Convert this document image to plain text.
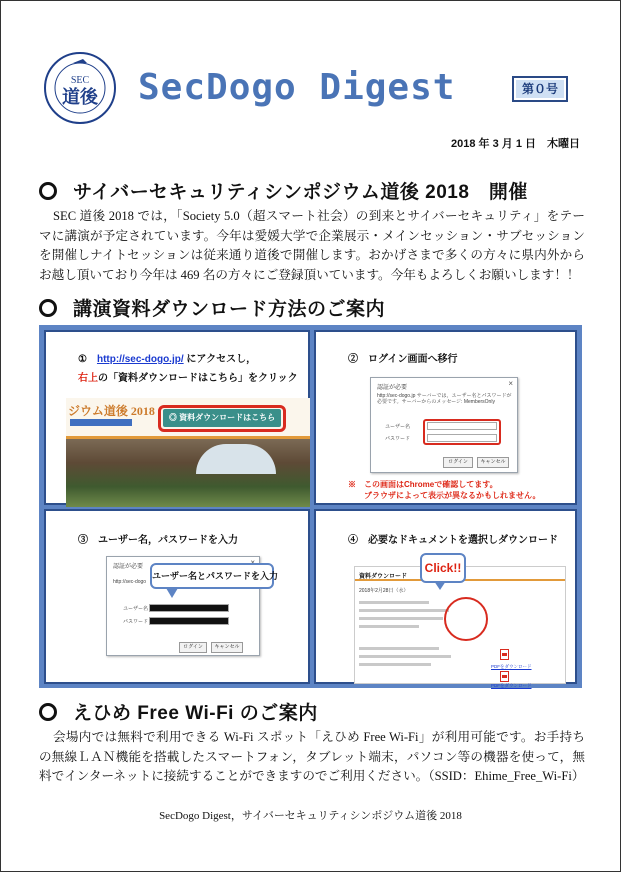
SEC
道後 SecDogo Digest	第０号
2018 年 3 月 1 日　木曜日
サイバーセキュリティシンポジウム道後 2018　開催
SEC 道後 2018 では，「Society 5.0（超スマート社会）の到来とサイバーセキュリティ」をテーマに講演が予定されています。今年は愛媛大学で企業展示・メインセッション・サブセッションを開催しナイトセッションは従来通り道後で開催します。おかげさまで多くの方々に県内外からお越し頂いており今年は 469 名の方々にご登録頂いています。今年もよろしくお願いします！！
講演資料ダウンロード方法のご案内
①　 http://sec-dogo.jp/ にアクセスし，
右上の「資料ダウンロードはこちら」をクリック
ジウム道後 2018	◎ 資料ダウンロードはこちら
②　 ログイン画面へ移行
認証が必要	×
http://sec-dogo.jp サーバーでは，ユーザー名とパスワードが必要です。サーバーからのメッセージ: MembersOnly
ユーザー名
パスワード
ログイン	キャンセル
※　この画面はChromeで確認してます。
ブラウザによって表示が異なるかもしれません。
③　 ユーザー名，パスワードを入力
認証が必要
http://sec-dogo
ユーザー名
パスワード
ログイン	キャンセル
ユーザー名とパスワードを入力
④　 必要なドキュメントを選択しダウンロード
資料ダウンロード
2018年2月28日（水）
PDFをダウンロード
PDFをダウンロード
Click!!
えひめ Free Wi-Fi のご案内
会場内では無料で利用できる Wi-Fi スポット「えひめ Free Wi-Fi」が利用可能です。お手持ちの無線ＬＡＮ機能を搭載したスマートフォン，タブレット端末，パソコン等の機器を使って，無料でインターネットに接続することができますのでご利用ください。（SSID：Ehime_Free_Wi-Fi）
SecDogo Digest，サイバーセキュリティシンポジウム道後 2018
